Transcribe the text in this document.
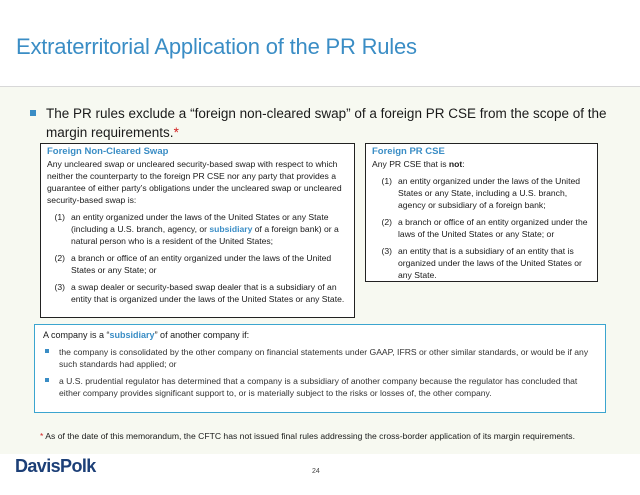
Extraterritorial Application of the PR Rules
The PR rules exclude a “foreign non-cleared swap” of a foreign PR CSE from the scope of the margin requirements.*
Foreign Non-Cleared Swap
Any uncleared swap or uncleared security-based swap with respect to which neither the counterparty to the foreign PR CSE nor any party that provides a guarantee of either party’s obligations under the uncleared swap or uncleared security-based swap is:
(1) an entity organized under the laws of the United States or any State (including a U.S. branch, agency, or subsidiary of a foreign bank) or a natural person who is a resident of the United States;
(2) a branch or office of an entity organized under the laws of the United States or any State; or
(3) a swap dealer or security-based swap dealer that is a subsidiary of an entity that is organized under the laws of the United States or any State.
Foreign PR CSE
Any PR CSE that is not:
(1) an entity organized under the laws of the United States or any State, including a U.S. branch, agency or subsidiary of a foreign bank;
(2) a branch or office of an entity organized under the laws of the United States or any State; or
(3) an entity that is a subsidiary of an entity that is organized under the laws of the United States or any State.
A company is a “subsidiary” of another company if:
the company is consolidated by the other company on financial statements under GAAP, IFRS or other similar standards, or would be if any such standards had applied; or
a U.S. prudential regulator has determined that a company is a subsidiary of another company because the regulator has concluded that either company provides significant support to, or is materially subject to the risks or losses of, the other company.
* As of the date of this memorandum, the CFTC has not issued final rules addressing the cross-border application of its margin requirements.
DavisPolk	24
